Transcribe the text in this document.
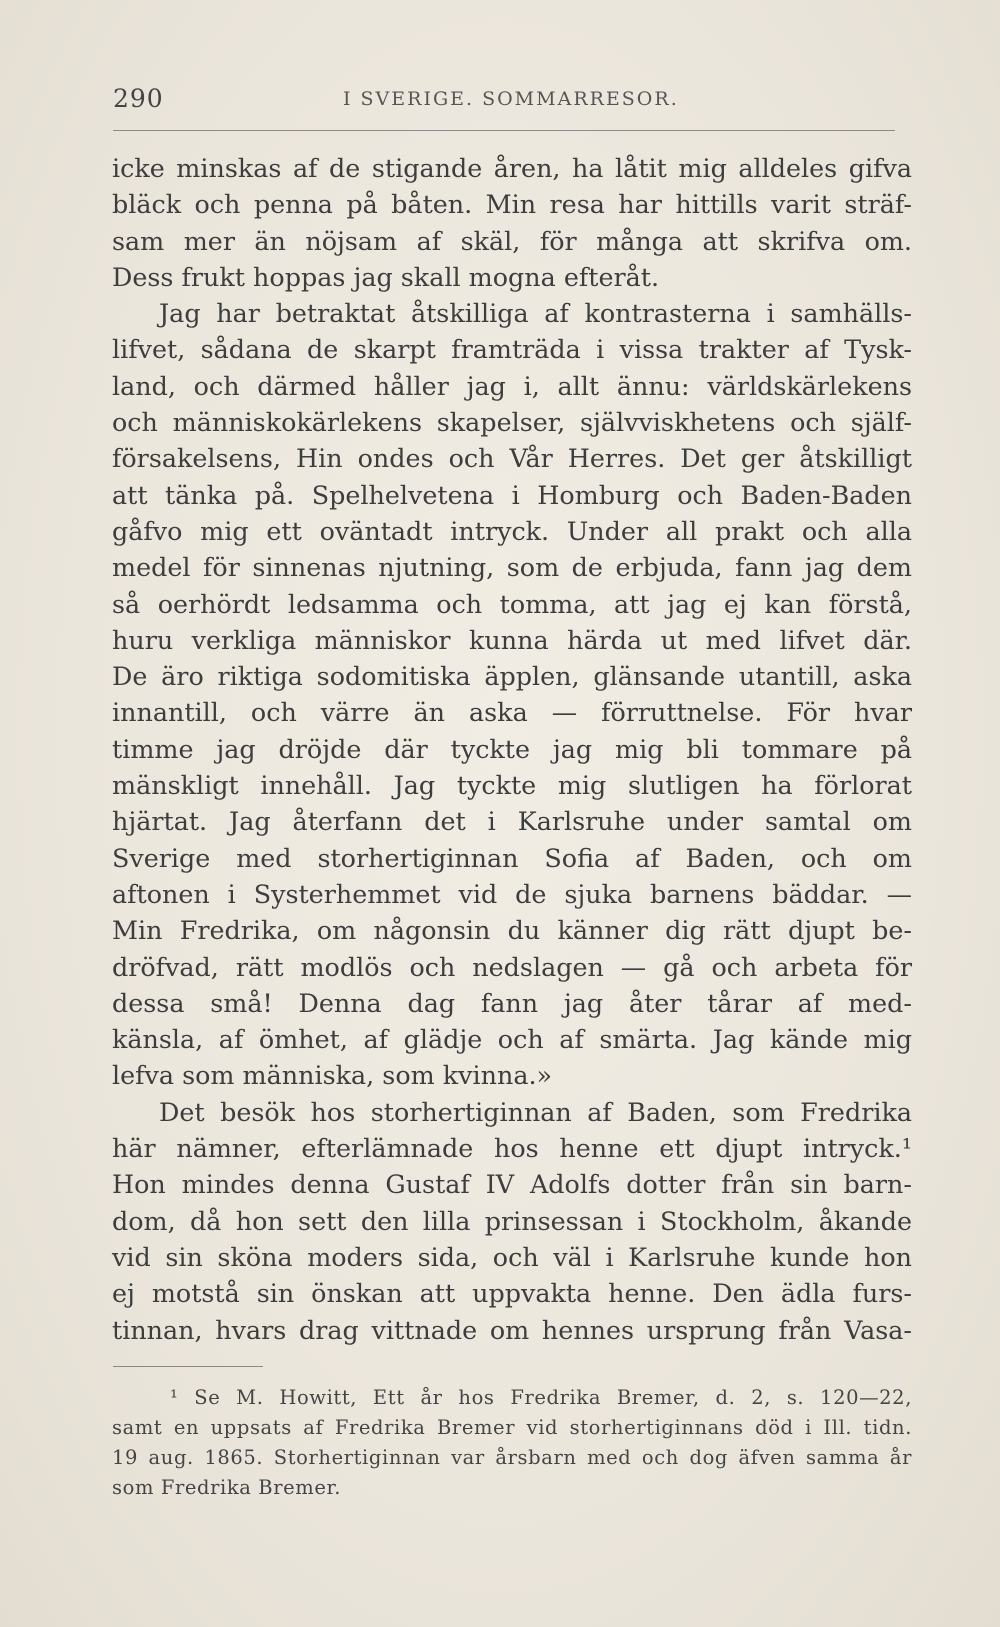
290	I SVERIGE. SOMMARRESOR.
icke minskas af de stigande åren, ha låtit mig alldeles gifva
bläck och penna på båten. Min resa har hittills varit sträf-
sam mer än nöjsam af skäl, för många att skrifva om.
Dess frukt hoppas jag skall mogna efteråt.
Jag har betraktat åtskilliga af kontrasterna i samhälls-
lifvet, sådana de skarpt framträda i vissa trakter af Tysk-
land, och därmed håller jag i, allt ännu: världskärlekens
och människokärlekens skapelser, självviskhetens och själf-
försakelsens, Hin ondes och Vår Herres. Det ger åtskilligt
att tänka på. Spelhelvetena i Homburg och Baden-Baden
gåfvo mig ett oväntadt intryck. Under all prakt och alla
medel för sinnenas njutning, som de erbjuda, fann jag dem
så oerhördt ledsamma och tomma, att jag ej kan förstå,
huru verkliga människor kunna härda ut med lifvet där.
De äro riktiga sodomitiska äpplen, glänsande utantill, aska
innantill, och värre än aska — förruttnelse. För hvar
timme jag dröjde där tyckte jag mig bli tommare på
mänskligt innehåll. Jag tyckte mig slutligen ha förlorat
hjärtat. Jag återfann det i Karlsruhe under samtal om
Sverige med storhertiginnan Sofia af Baden, och om
aftonen i Systerhemmet vid de sjuka barnens bäddar. —
Min Fredrika, om någonsin du känner dig rätt djupt be-
dröfvad, rätt modlös och nedslagen — gå och arbeta för
dessa små! Denna dag fann jag åter tårar af med-
känsla, af ömhet, af glädje och af smärta. Jag kände mig
lefva som människa, som kvinna.»
Det besök hos storhertiginnan af Baden, som Fredrika
här nämner, efterlämnade hos henne ett djupt intryck.¹
Hon mindes denna Gustaf IV Adolfs dotter från sin barn-
dom, då hon sett den lilla prinsessan i Stockholm, åkande
vid sin sköna moders sida, och väl i Karlsruhe kunde hon
ej motstå sin önskan att uppvakta henne. Den ädla furs-
tinnan, hvars drag vittnade om hennes ursprung från Vasa-
¹ Se M. Howitt, Ett år hos Fredrika Bremer, d. 2, s. 120—22,
samt en uppsats af Fredrika Bremer vid storhertiginnans död i Ill. tidn.
19 aug. 1865. Storhertiginnan var årsbarn med och dog äfven samma år
som Fredrika Bremer.
